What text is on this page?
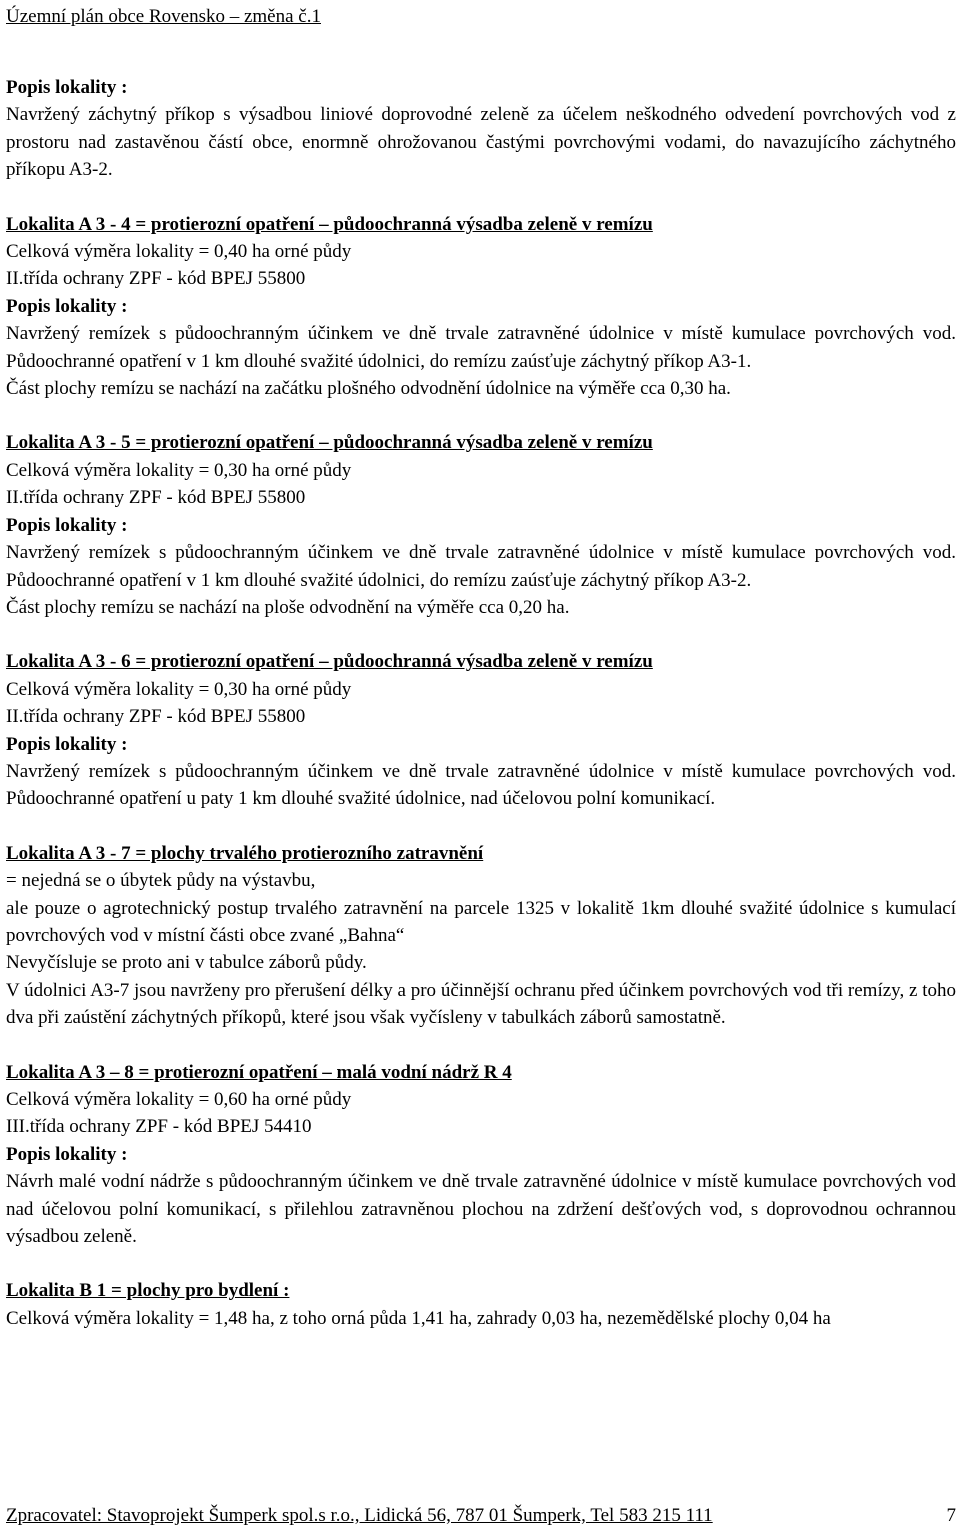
Územní plán obce Rovensko – změna č.1

Popis lokality :

Navržený záchytný příkop s výsadbou liniové doprovodné zeleně za účelem neškodného odvedení povrchových vod z prostoru nad zastavěnou částí obce, enormně ohrožovanou častými povrchovými vodami, do navazujícího záchytného příkopu A3-2.

Lokalita A 3 - 4 = protierozní opatření – půdoochranná výsadba zeleně v remízu

Celková výměra lokality = 0,40 ha orné půdy

II.třída ochrany ZPF - kód BPEJ 55800

Popis lokality :

Navržený remízek s půdoochranným účinkem ve dně trvale zatravněné údolnice v místě kumulace povrchových vod. Půdoochranné opatření v 1 km dlouhé svažité údolnici, do remízu zaúsťuje záchytný příkop A3-1.

Část plochy remízu se nachází na začátku plošného odvodnění údolnice na výměře cca 0,30 ha.

Lokalita A 3 - 5 = protierozní opatření – půdoochranná výsadba zeleně v remízu

Celková výměra lokality = 0,30 ha orné půdy

II.třída ochrany ZPF - kód BPEJ 55800

Popis lokality :

Navržený remízek s půdoochranným účinkem ve dně trvale zatravněné údolnice v místě kumulace povrchových vod. Půdoochranné opatření v 1 km dlouhé svažité údolnici, do remízu zaúsťuje záchytný příkop A3-2.

Část plochy remízu se nachází na ploše odvodnění na výměře cca 0,20 ha.

Lokalita A 3 - 6 = protierozní opatření – půdoochranná výsadba zeleně v remízu

Celková výměra lokality = 0,30 ha orné půdy

II.třída ochrany ZPF - kód BPEJ 55800

Popis lokality :

Navržený remízek s půdoochranným účinkem ve dně trvale zatravněné údolnice v místě kumulace povrchových vod. Půdoochranné opatření u paty 1 km dlouhé svažité údolnice, nad účelovou polní komunikací.

Lokalita A 3 - 7 = plochy trvalého protierozního zatravnění

= nejedná se o úbytek půdy na výstavbu,

ale pouze o agrotechnický postup trvalého zatravnění na parcele 1325 v lokalitě 1km dlouhé svažité údolnice s kumulací povrchových vod v místní části obce zvané „Bahna“

Nevyčísluje se proto ani v tabulce záborů půdy.

V údolnici A3-7 jsou navrženy pro přerušení délky a pro účinnější ochranu před účinkem povrchových vod tři remízy, z toho dva při zaústění záchytných příkopů, které jsou však vyčísleny v tabulkách záborů samostatně.

Lokalita A 3 – 8 = protierozní opatření – malá vodní nádrž R 4

Celková výměra lokality = 0,60 ha orné půdy

III.třída ochrany ZPF - kód BPEJ 54410

Popis lokality :

Návrh malé vodní nádrže s půdoochranným účinkem ve dně trvale zatravněné údolnice v místě kumulace povrchových vod nad účelovou polní komunikací, s přilehlou zatravněnou plochou na zdržení dešťových vod, s doprovodnou ochrannou výsadbou zeleně.

Lokalita B 1 = plochy pro bydlení :

Celková výměra lokality = 1,48 ha, z toho orná půda 1,41 ha, zahrady 0,03 ha, nezemědělské plochy 0,04 ha

Zpracovatel: Stavoprojekt Šumperk spol.s r.o., Lidická 56, 787 01 Šumperk, Tel 583 215 111	7
